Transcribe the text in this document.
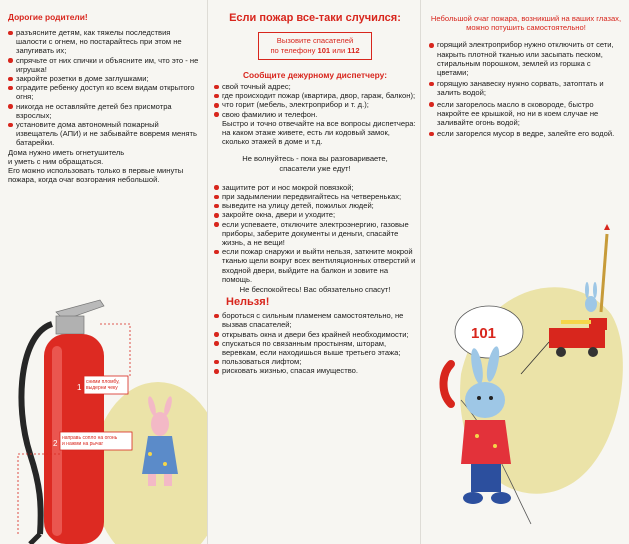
Дорогие родители!
разъясните детям, как тяжелы последствия шалости с огнем, но постарайтесь при этом не запугивать их;
спрячьте от них спички и объясните им, что это - не игрушка!
закройте розетки в доме заглушками;
оградите ребенку доступ ко всем видам открытого огня;
никогда не оставляйте детей без присмотра взрослых;
установите дома автономный пожарный извещатель (АПИ) и не забывайте вовремя менять батарейки.
Дома нужно иметь огнетушитель
и уметь с ним обращаться.
Его можно использовать только в первые минуты пожара, когда очаг возгорания небольшой.
сними пломбу, выдерни чеку
1
направь сопло на огонь и нажми на рычаг
2
Если пожар все-таки случился:
Вызовите спасателей
по телефону 101 или 112
Сообщите дежурному диспетчеру:
свой точный адрес;
где происходит пожар (квартира, двор, гараж, балкон);
что горит (мебель, электроприбор и т. д.);
свою фамилию и телефон.
Быстро и точно отвечайте на все вопросы диспетчера: на каком этаже живете, есть ли кодовый замок, сколько этажей в доме и т.д.
Не волнуйтесь - пока вы разговариваете, спасатели уже едут!
защитите рот и нос мокрой повязкой;
при задымлении передвигайтесь на четвереньках;
выведите на улицу детей, пожилых людей;
закройте окна, двери и уходите;
если успеваете, отключите электроэнергию, газовые приборы, заберите документы и деньги, спасайте жизнь, а не вещи!
если пожар снаружи и выйти нельзя, заткните мокрой тканью щели вокруг всех вентиляционных отверстий и входной двери, выйдите на балкон и зовите на помощь.
Не беспокойтесь! Вас обязательно спасут!
Нельзя!
бороться с сильным пламенем самостоятельно, не вызвав спасателей;
открывать окна и двери без крайней необходимости;
спускаться по связанным простыням, шторам, веревкам, если находишься выше третьего этажа;
пользоваться лифтом;
рисковать жизнью, спасая имущество.
Небольшой очаг пожара, возникший на ваших глазах, можно потушить самостоятельно!
горящий электроприбор нужно отключить от сети, накрыть плотной тканью или засыпать песком, стиральным порошком, землей из горшка с цветами;
горящую занавеску нужно сорвать, затоптать и залить водой;
если загорелось масло в сковороде, быстро накройте ее крышкой, но ни в коем случае не заливайте огонь водой;
если загорелся мусор в ведре, залейте его водой.
101
